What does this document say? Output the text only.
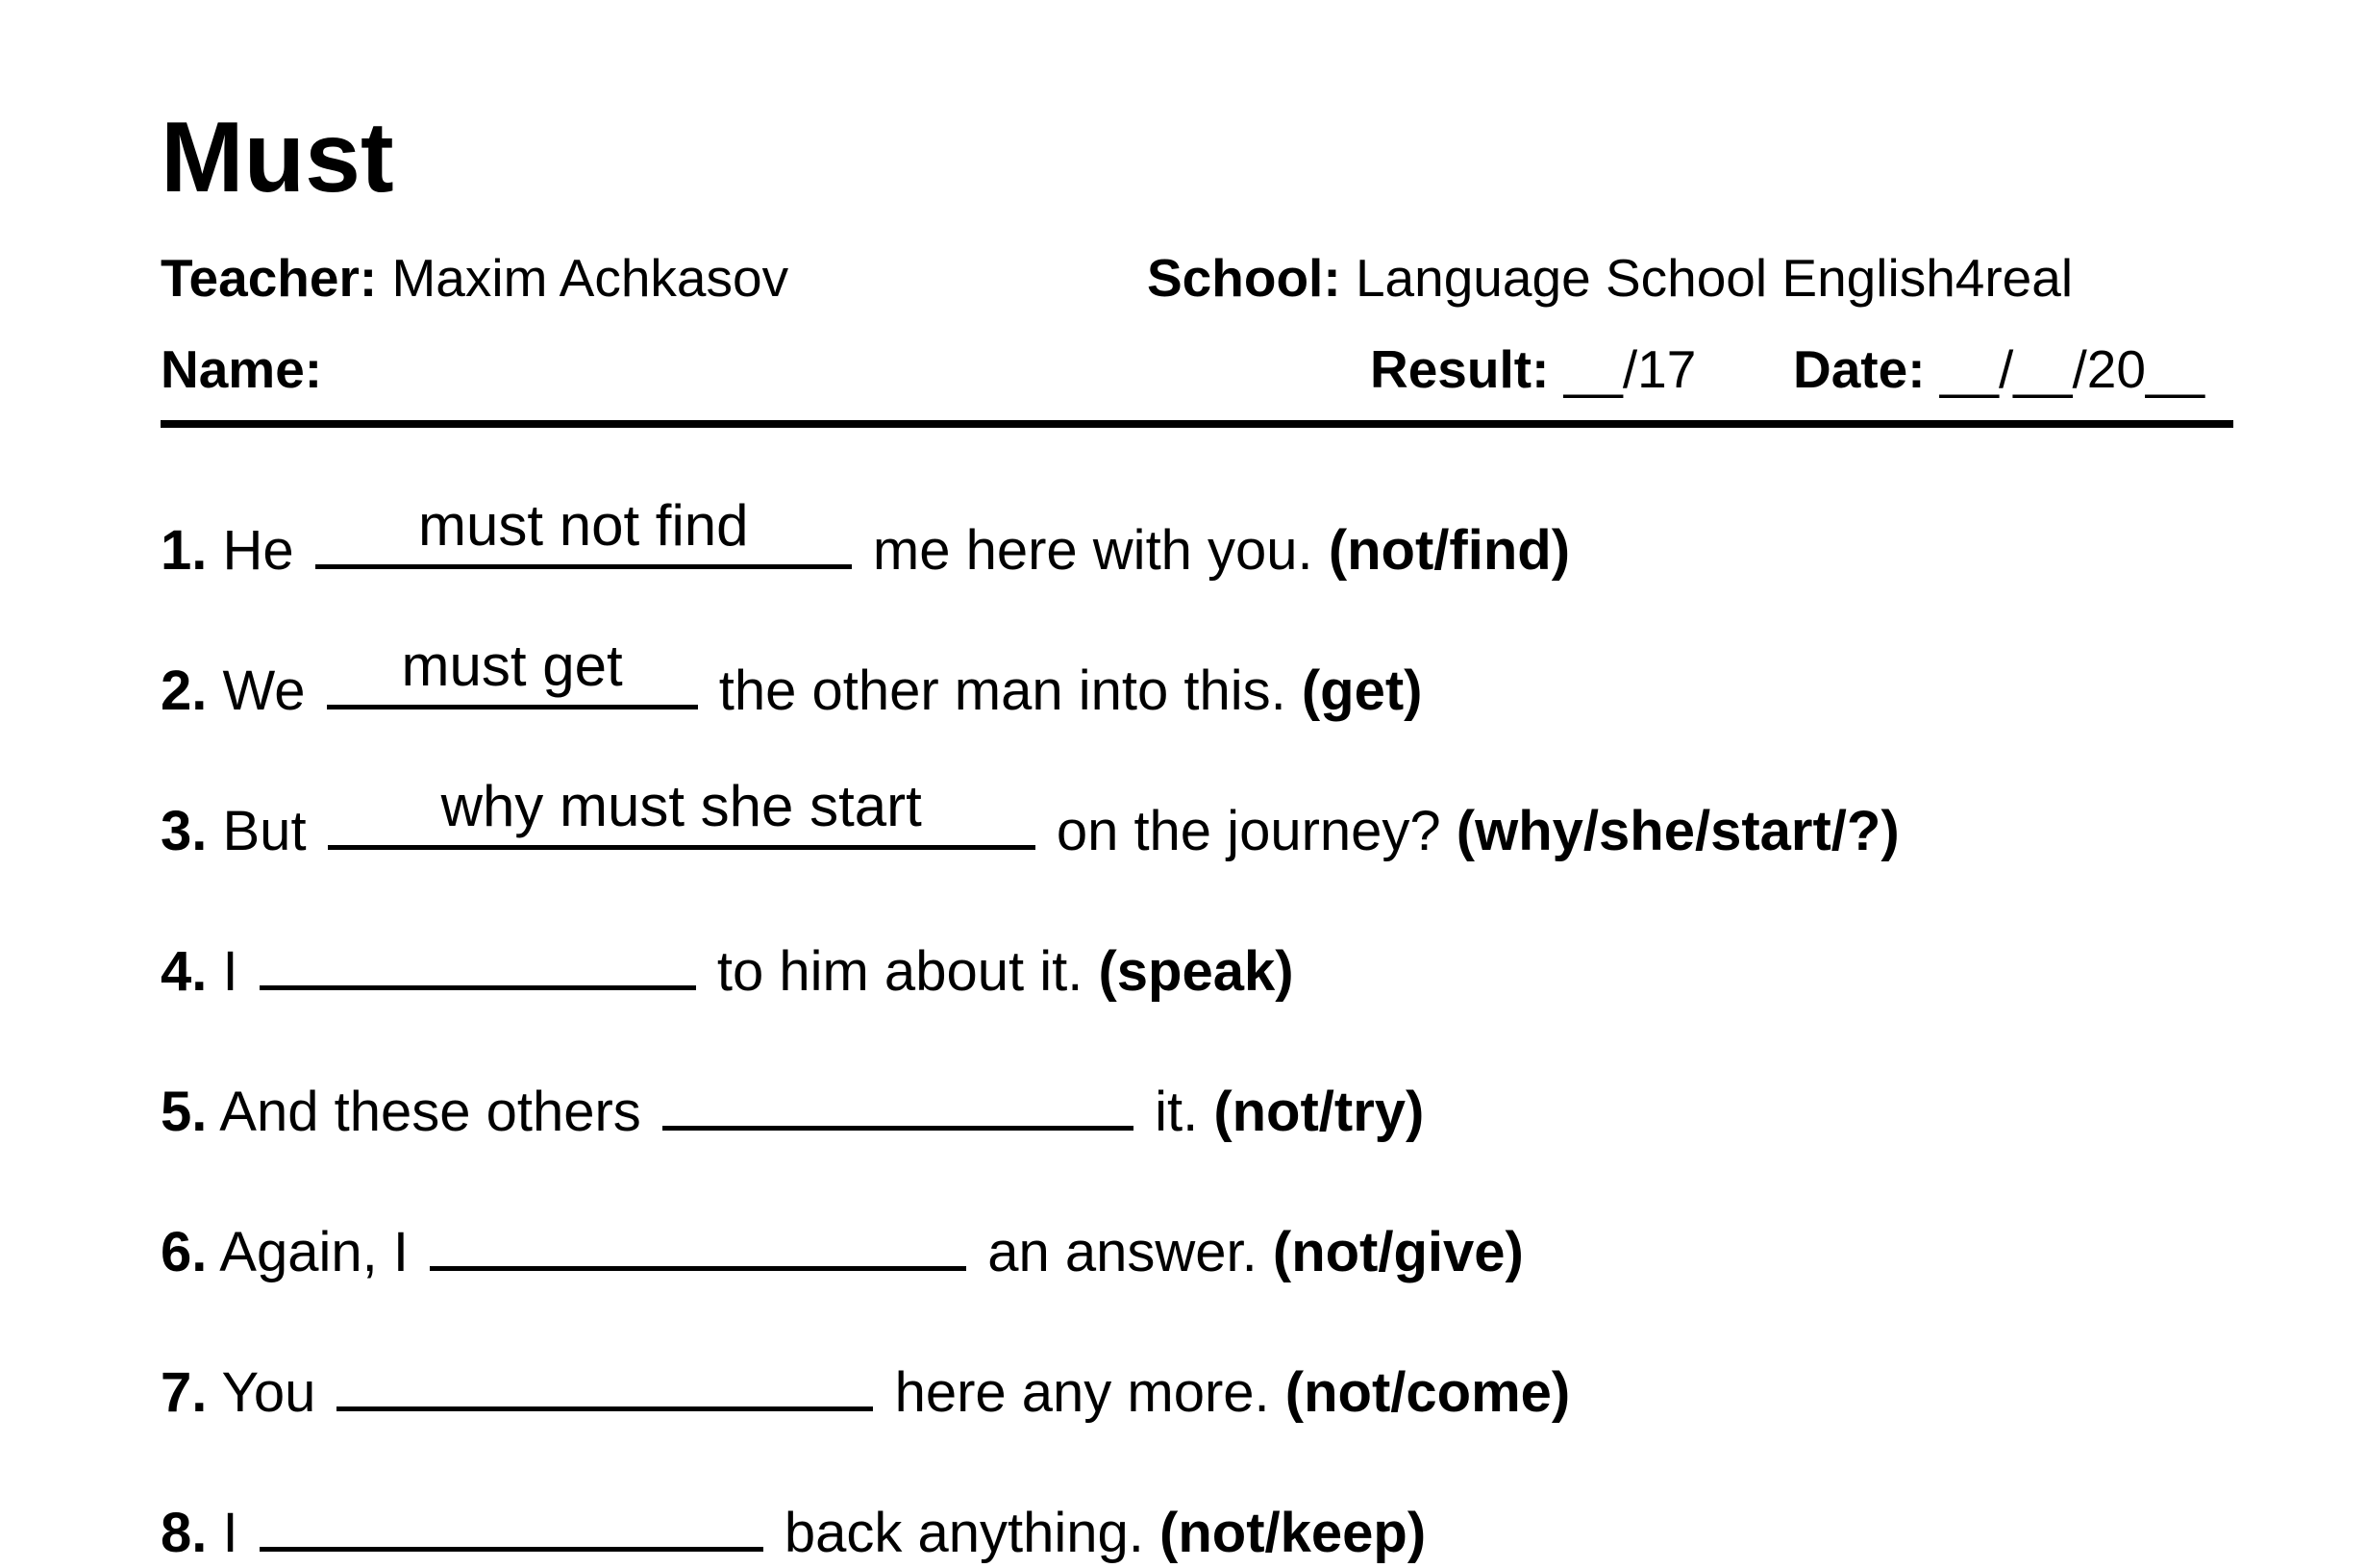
Must
Teacher: Maxim Achkasov	School: Language School English4real
Name:	Result: __/17 Date: __/__/20__
1. He	must not find	me here with you. (not/find)
2. We	must get	the other man into this. (get)
3. But	why must she start	on the journey? (why/she/start/?)
4. I	to him about it. (speak)
5. And these others	it. (not/try)
6. Again, I	an answer. (not/give)
7. You	here any more. (not/come)
8. I	back anything. (not/keep)
